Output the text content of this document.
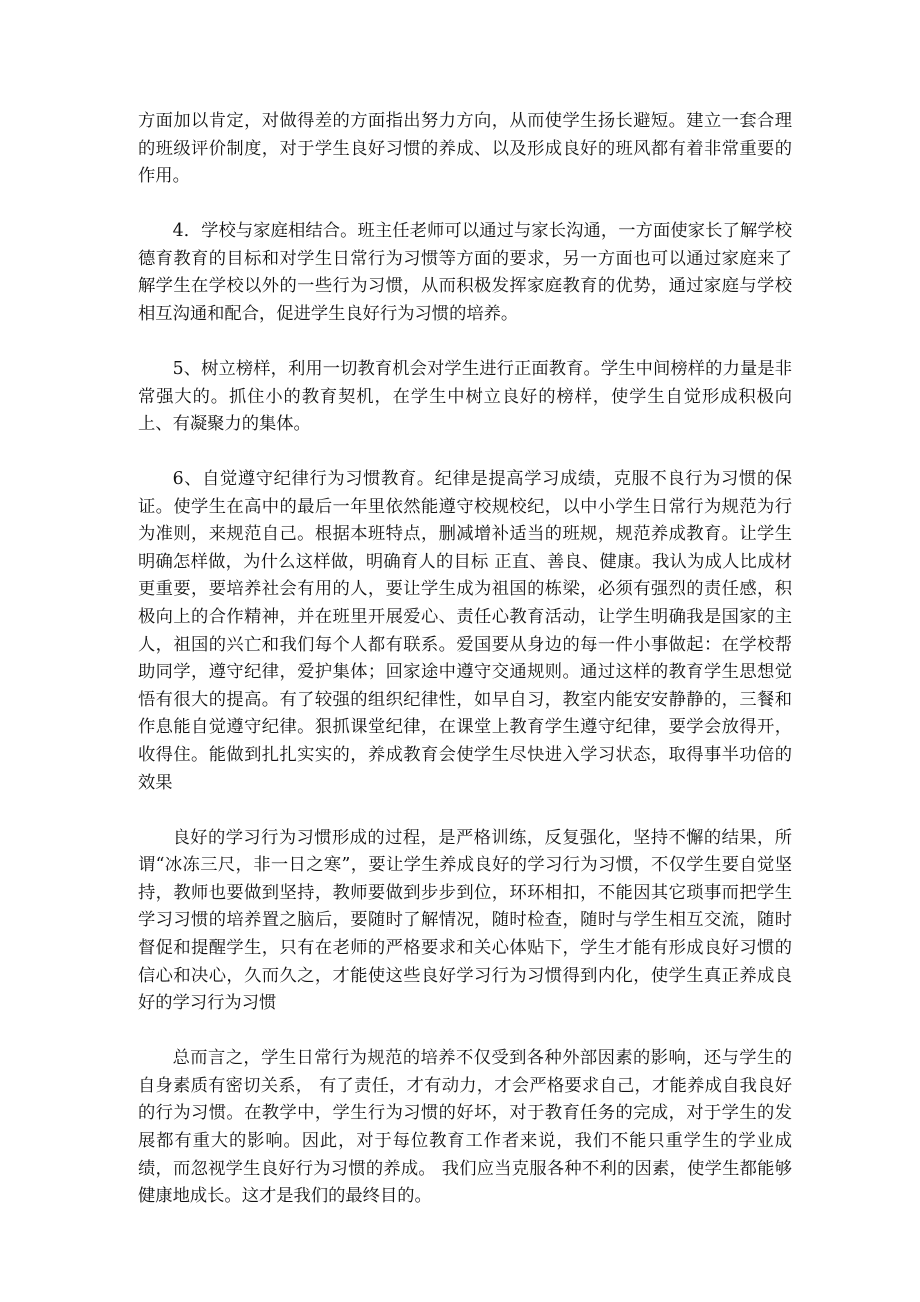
方面加以肯定，对做得差的方面指出努力方向，从而使学生扬长避短。建立一套合理的班级评价制度，对于学生良好习惯的养成、以及形成良好的班风都有着非常重要的作用。

4．学校与家庭相结合。班主任老师可以通过与家长沟通，一方面使家长了解学校德育教育的目标和对学生日常行为习惯等方面的要求，另一方面也可以通过家庭来了解学生在学校以外的一些行为习惯，从而积极发挥家庭教育的优势，通过家庭与学校相互沟通和配合，促进学生良好行为习惯的培养。

5、树立榜样，利用一切教育机会对学生进行正面教育。学生中间榜样的力量是非常强大的。抓住小的教育契机，在学生中树立良好的榜样，使学生自觉形成积极向上、有凝聚力的集体。

6、自觉遵守纪律行为习惯教育。纪律是提高学习成绩，克服不良行为习惯的保证。使学生在高中的最后一年里依然能遵守校规校纪，以中小学生日常行为规范为行为准则，来规范自己。根据本班特点，删减增补适当的班规，规范养成教育。让学生明确怎样做，为什么这样做，明确育人的目标 正直、善良、健康。我认为成人比成材更重要，要培养社会有用的人，要让学生成为祖国的栋梁，必须有强烈的责任感，积极向上的合作精神，并在班里开展爱心、责任心教育活动，让学生明确我是国家的主人，祖国的兴亡和我们每个人都有联系。爱国要从身边的每一件小事做起：在学校帮助同学，遵守纪律，爱护集体；回家途中遵守交通规则。通过这样的教育学生思想觉悟有很大的提高。有了较强的组织纪律性，如早自习，教室内能安安静静的，三餐和作息能自觉遵守纪律。狠抓课堂纪律，在课堂上教育学生遵守纪律，要学会放得开，收得住。能做到扎扎实实的，养成教育会使学生尽快进入学习状态，取得事半功倍的效果

良好的学习行为习惯形成的过程，是严格训练，反复强化，坚持不懈的结果，所谓“冰冻三尺，非一日之寒”，要让学生养成良好的学习行为习惯，不仅学生要自觉坚持，教师也要做到坚持，教师要做到步步到位，环环相扣，不能因其它琐事而把学生学习习惯的培养置之脑后，要随时了解情况，随时检查，随时与学生相互交流，随时督促和提醒学生，只有在老师的严格要求和关心体贴下，学生才能有形成良好习惯的信心和决心，久而久之，才能使这些良好学习行为习惯得到内化，使学生真正养成良好的学习行为习惯

总而言之，学生日常行为规范的培养不仅受到各种外部因素的影响，还与学生的自身素质有密切关系， 有了责任，才有动力，才会严格要求自己，才能养成自我良好的行为习惯。在教学中，学生行为习惯的好坏，对于教育任务的完成，对于学生的发展都有重大的影响。因此，对于每位教育工作者来说，我们不能只重学生的学业成绩，而忽视学生良好行为习惯的养成。 我们应当克服各种不利的因素，使学生都能够健康地成长。这才是我们的最终目的。
